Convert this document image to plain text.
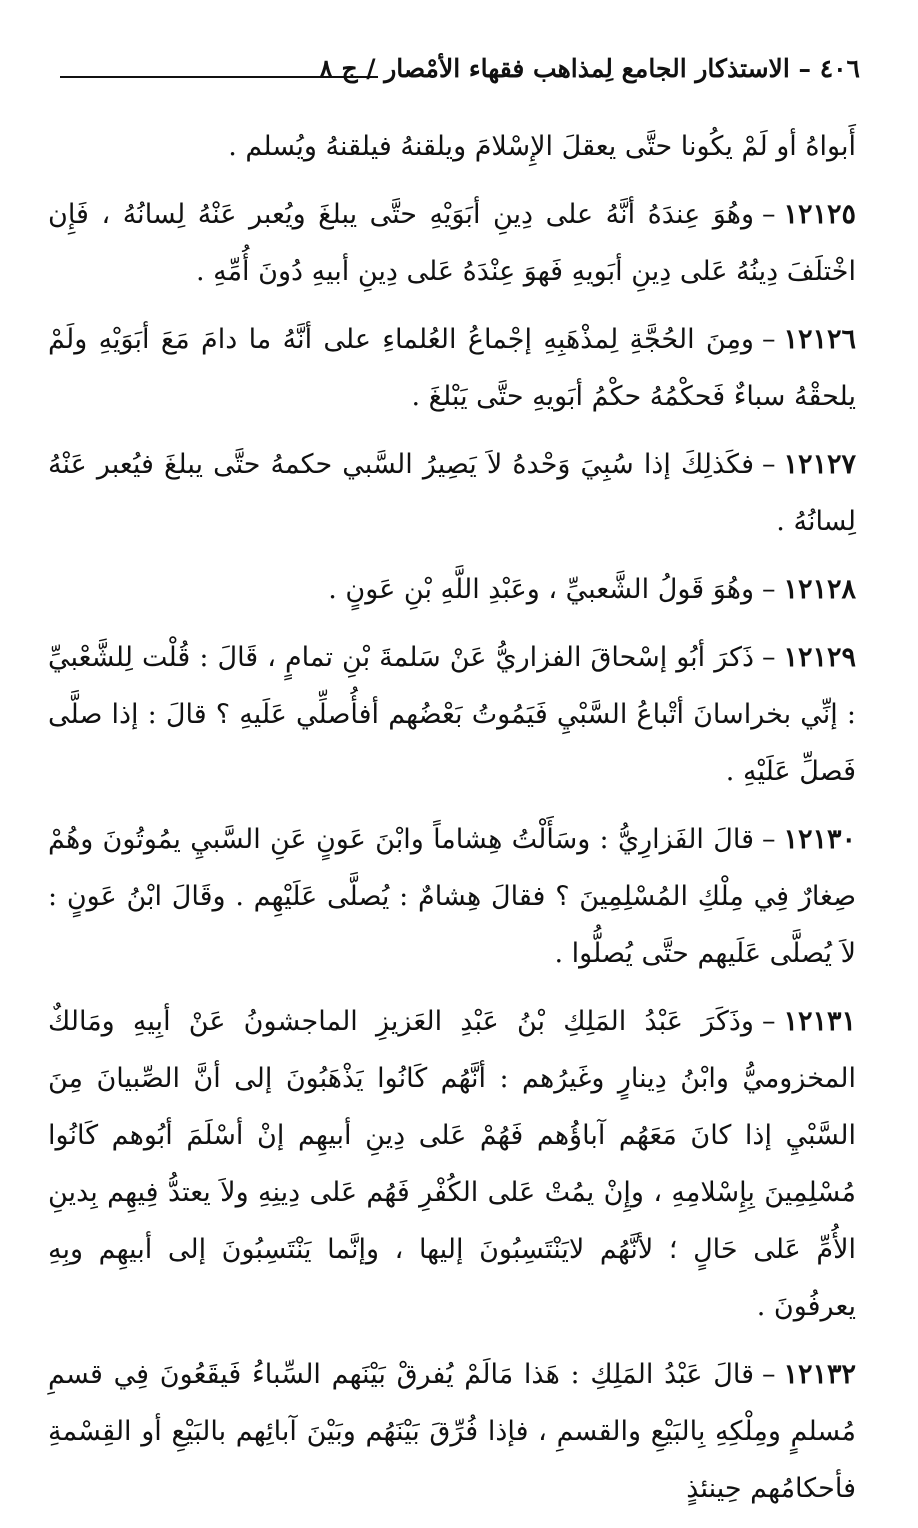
٤٠٦ – الاستذكار الجامع لِمذاهب فقهاء الأمْصار / ج ٨

أَبواهُ أو لَمْ يكُونا حتَّى يعقلَ الإِسْلامَ ويلقنهُ فيلقنهُ ويُسلم .

١٢١٢٥–وهُوَ عِندَهُ أنَّهُ على دِينِ أبَوَيْهِ حتَّى يبلغَ ويُعبر عَنْهُ لِسانُهُ ، فَإِن اخْتلَفَ دِينُهُ عَلى دِينِ أبَويهِ فَهوَ عِنْدَهُ عَلى دِينِ أبيهِ دُونَ أُمِّهِ .

١٢١٢٦–ومِنَ الحُجَّةِ لِمذْهَبِهِ إجْماعُ العُلماءِ على أنَّهُ ما دامَ مَعَ أبَوَيْهِ ولَمْ يلحقْهُ سباءٌ فَحكْمُهُ حكْمُ أبَويهِ حتَّى يَبْلغَ .

١٢١٢٧–فكَذلِكَ إذا سُبِيَ وَحْدهُ لاَ يَصِيرُ السَّبي حكمهُ حتَّى يبلغَ فيُعبر عَنْهُ لِسانُهُ .

١٢١٢٨–وهُوَ قَولُ الشَّعبيِّ ، وعَبْدِ اللَّهِ بْنِ عَونٍ .

١٢١٢٩–ذَكرَ أبُو إسْحاقَ الفزاريُّ عَنْ سَلمةَ بْنِ تمامٍ ، قَالَ : قُلْت لِلشَّعْبيِّ : إنِّي بخراسانَ أتْباعُ السَّبْيِ فَيَمُوتُ بَعْضُهم أفأُصلِّي عَلَيهِ ؟ قالَ : إذا صلَّى فَصلِّ عَلَيْهِ .

١٢١٣٠–قالَ الفَزارِيُّ : وسَأَلْتُ هِشاماً وابْنَ عَونٍ عَنِ السَّبيِ يمُوتُونَ وهُمْ صِغارٌ فِي مِلْكِ المُسْلِمِينَ ؟ فقالَ هِشامٌ : يُصلَّى عَلَيْهِم . وقَالَ ابْنُ عَونٍ : لاَ يُصلَّى عَلَيهم حتَّى يُصلُّوا .

١٢١٣١–وذَكَرَ عَبْدُ المَلِكِ بْنُ عَبْدِ العَزيزِ الماجشونُ عَنْ أبِيهِ ومَالكٌ المخزوميُّ وابْنُ دِينارٍ وغَيرُهم : أنَّهُم كَانُوا يَذْهَبُونَ إلى أنَّ الصِّبيانَ مِنَ السَّبْيِ إذا كانَ مَعَهُم آباؤُهم فَهُمْ عَلى دِينِ أبيهِم إنْ أسْلَمَ أبُوهم كَانُوا مُسْلِمِينَ بِإِسْلامِهِ ، وإِنْ يمُتْ عَلى الكُفْرِ فَهُم عَلى دِينِهِ ولاَ يعتدُّ فِيهِم بِدينِ الأُمِّ عَلى حَالٍ ؛ لأنَّهُم لايَنْتَسِبُونَ إليها ، وإنَّما يَنْتَسِبُونَ إلى أبيهِم وبِهِ يعرفُونَ .

١٢١٣٢–قالَ عَبْدُ المَلِكِ : هَذا مَالَمْ يُفرقْ بَيْنَهم السِّباءُ فَيقَعُونَ فِي قسمِ مُسلمٍ ومِلْكِهِ بِالبَيْعِ والقسمِ ، فإذا فُرِّقَ بَيْنَهُم وبَيْنَ آبائِهم بالبَيْعِ أو القِسْمةِ فأحكامُهم حِينئذٍ
